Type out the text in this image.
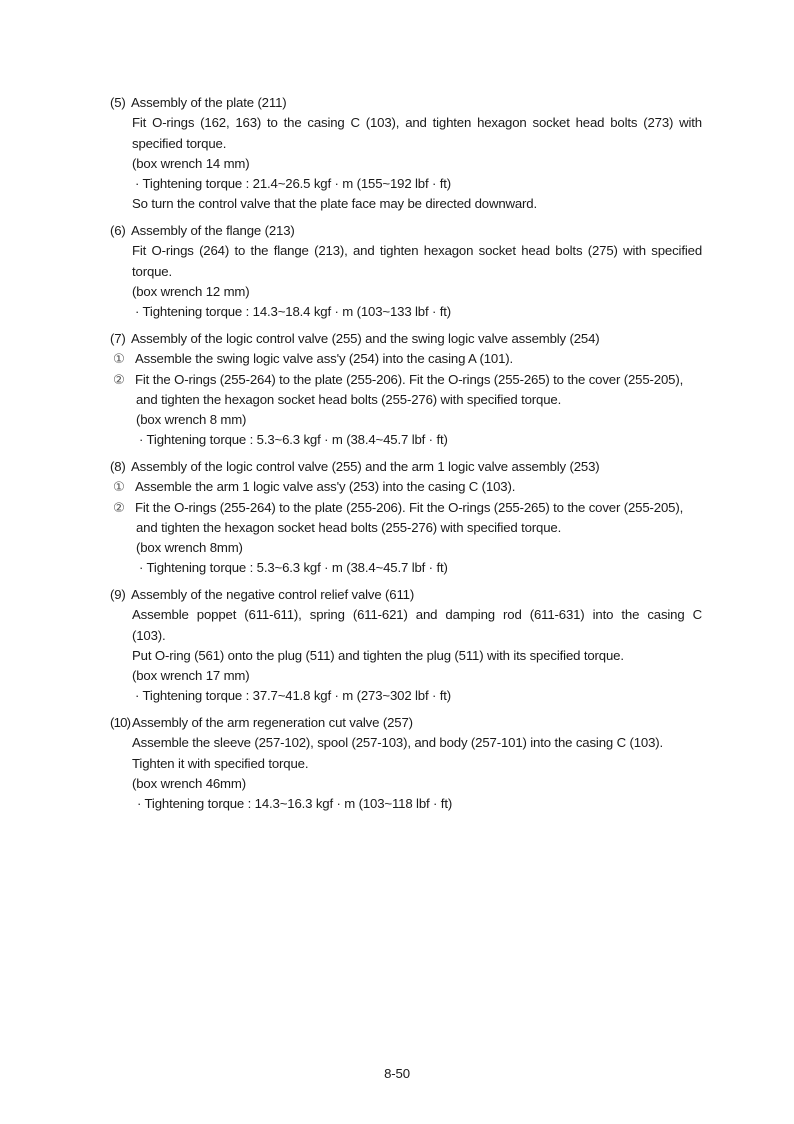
(5) Assembly of the plate (211)
Fit O-rings (162, 163) to the casing C (103), and tighten hexagon socket head bolts (273) with
specified torque.
(box wrench 14 mm)
· Tightening torque : 21.4~26.5 kgf · m (155~192 lbf · ft)
So turn the control valve that the plate face may be directed downward.
(6) Assembly of the flange (213)
Fit O-rings (264) to the flange (213), and tighten hexagon socket head bolts (275) with specified
torque.
(box wrench 12 mm)
· Tightening torque : 14.3~18.4 kgf · m (103~133 lbf · ft)
(7) Assembly of the logic control valve (255) and the swing logic valve assembly (254)
① Assemble the swing logic valve ass'y (254) into the casing A (101).
② Fit the O-rings (255-264) to the plate (255-206). Fit the O-rings (255-265) to the cover (255-205),
and tighten the hexagon socket head bolts (255-276) with specified torque.
(box wrench 8 mm)
· Tightening torque : 5.3~6.3 kgf · m (38.4~45.7 lbf · ft)
(8) Assembly of the logic control valve (255) and the arm 1 logic valve assembly (253)
① Assemble the arm 1 logic valve ass'y (253) into the casing C (103).
② Fit the O-rings (255-264) to the plate (255-206). Fit the O-rings (255-265) to the cover (255-205),
and tighten the hexagon socket head bolts (255-276) with specified torque.
(box wrench 8mm)
· Tightening torque : 5.3~6.3 kgf · m (38.4~45.7 lbf · ft)
(9) Assembly of the negative control relief valve (611)
Assemble poppet (611-611), spring (611-621) and damping rod (611-631) into the casing C
(103).
Put O-ring (561) onto the plug (511) and tighten the plug (511) with its specified torque.
(box wrench 17 mm)
· Tightening torque : 37.7~41.8 kgf · m (273~302 lbf · ft)
(10) Assembly of the arm regeneration cut valve (257)
Assemble the sleeve (257-102), spool (257-103), and body (257-101) into the casing C (103).
Tighten it with specified torque.
(box wrench 46mm)
· Tightening torque : 14.3~16.3 kgf · m (103~118 lbf · ft)
8-50
